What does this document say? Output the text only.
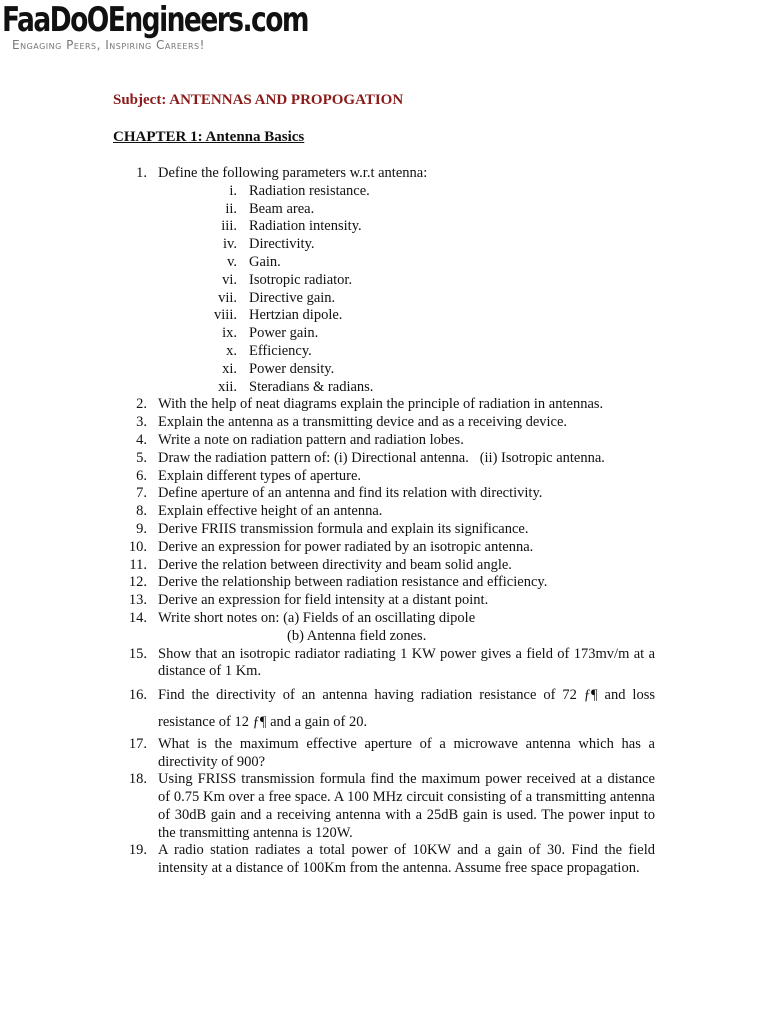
FaaDoOEngineers.com
Engaging Peers, Inspiring Careers!
Subject: ANTENNAS AND PROPOGATION
CHAPTER 1: Antenna Basics
1. Define the following parameters w.r.t antenna:
i. Radiation resistance.
ii. Beam area.
iii. Radiation intensity.
iv. Directivity.
v. Gain.
vi. Isotropic radiator.
vii. Directive gain.
viii. Hertzian dipole.
ix. Power gain.
x. Efficiency.
xi. Power density.
xii. Steradians & radians.
2. With the help of neat diagrams explain the principle of radiation in antennas.
3. Explain the antenna as a transmitting device and as a receiving device.
4. Write a note on radiation pattern and radiation lobes.
5. Draw the radiation pattern of: (i) Directional antenna.   (ii) Isotropic antenna.
6. Explain different types of aperture.
7. Define aperture of an antenna and find its relation with directivity.
8. Explain effective height of an antenna.
9. Derive FRIIS transmission formula and explain its significance.
10. Derive an expression for power radiated by an isotropic antenna.
11. Derive the relation between directivity and beam solid angle.
12. Derive the relationship between radiation resistance and efficiency.
13. Derive an expression for field intensity at a distant point.
14. Write short notes on: (a) Fields of an oscillating dipole
(b) Antenna field zones.
15. Show that an isotropic radiator radiating 1 KW power gives a field of 173mv/m at a distance of 1 Km.
16. Find the directivity of an antenna having radiation resistance of 72 ƒ¶ and loss
resistance of 12 ƒ¶ and a gain of 20.
17. What is the maximum effective aperture of a microwave antenna which has a directivity of 900?
18. Using FRISS transmission formula find the maximum power received at a distance of 0.75 Km over a free space. A 100 MHz circuit consisting of a transmitting antenna of 30dB gain and a receiving antenna with a 25dB gain is used. The power input to the transmitting antenna is 120W.
19. A radio station radiates a total power of 10KW and a gain of 30. Find the field intensity at a distance of 100Km from the antenna. Assume free space propagation.
